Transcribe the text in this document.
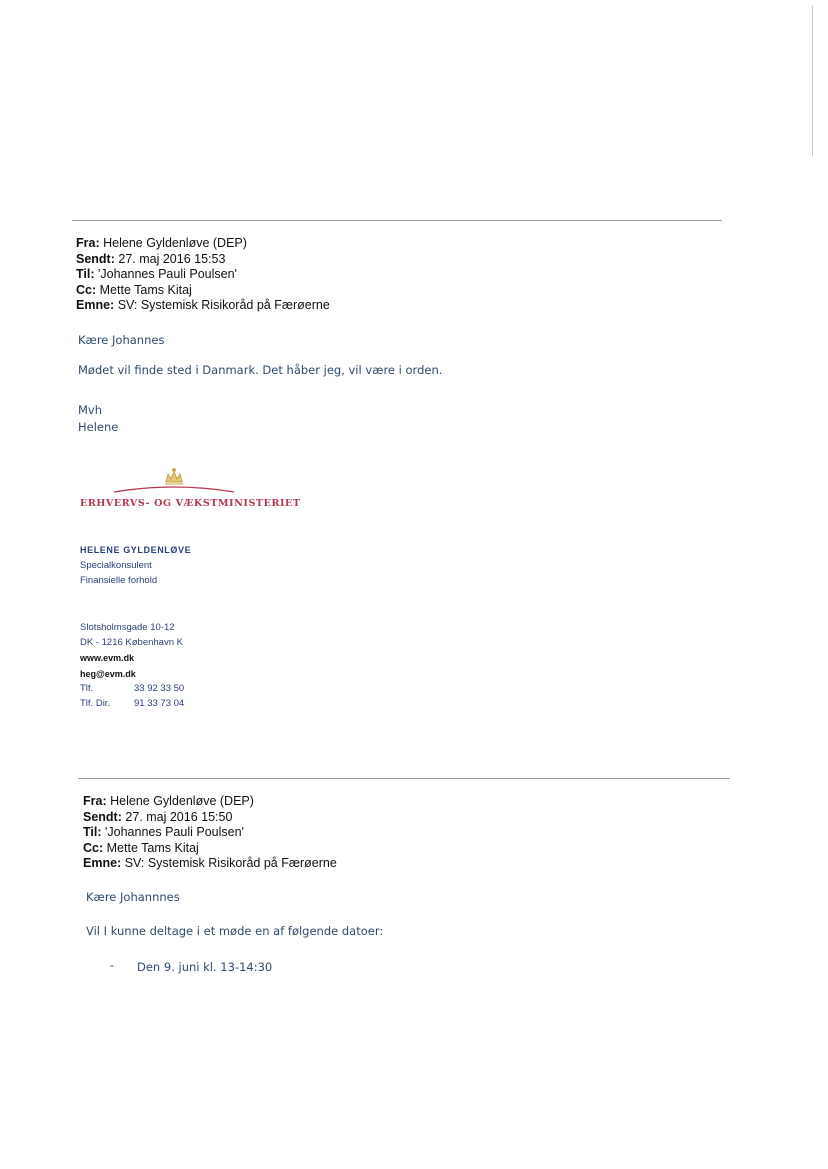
Fra: Helene Gyldenløve (DEP)
Sendt: 27. maj 2016 15:53
Til: 'Johannes Pauli Poulsen'
Cc: Mette Tams Kitaj
Emne: SV: Systemisk Risikoråd på Færøerne
Kære Johannes
Mødet vil finde sted i Danmark. Det håber jeg, vil være i orden.
Mvh
Helene
ERHVERVS- OG VÆKSTMINISTERIET
HELENE GYLDENLØVE
Specialkonsulent
Finansielle forhold
Slotsholmsgade 10-12
DK - 1216 København K
www.evm.dk
heg@evm.dk
Tlf.	33 92 33 50
Tlf. Dir.	91 33 73 04
Fra: Helene Gyldenløve (DEP)
Sendt: 27. maj 2016 15:50
Til: 'Johannes Pauli Poulsen'
Cc: Mette Tams Kitaj
Emne: SV: Systemisk Risikoråd på Færøerne
Kære Johannnes
Vil I kunne deltage i et møde en af følgende datoer:
- Den 9. juni kl. 13-14:30
